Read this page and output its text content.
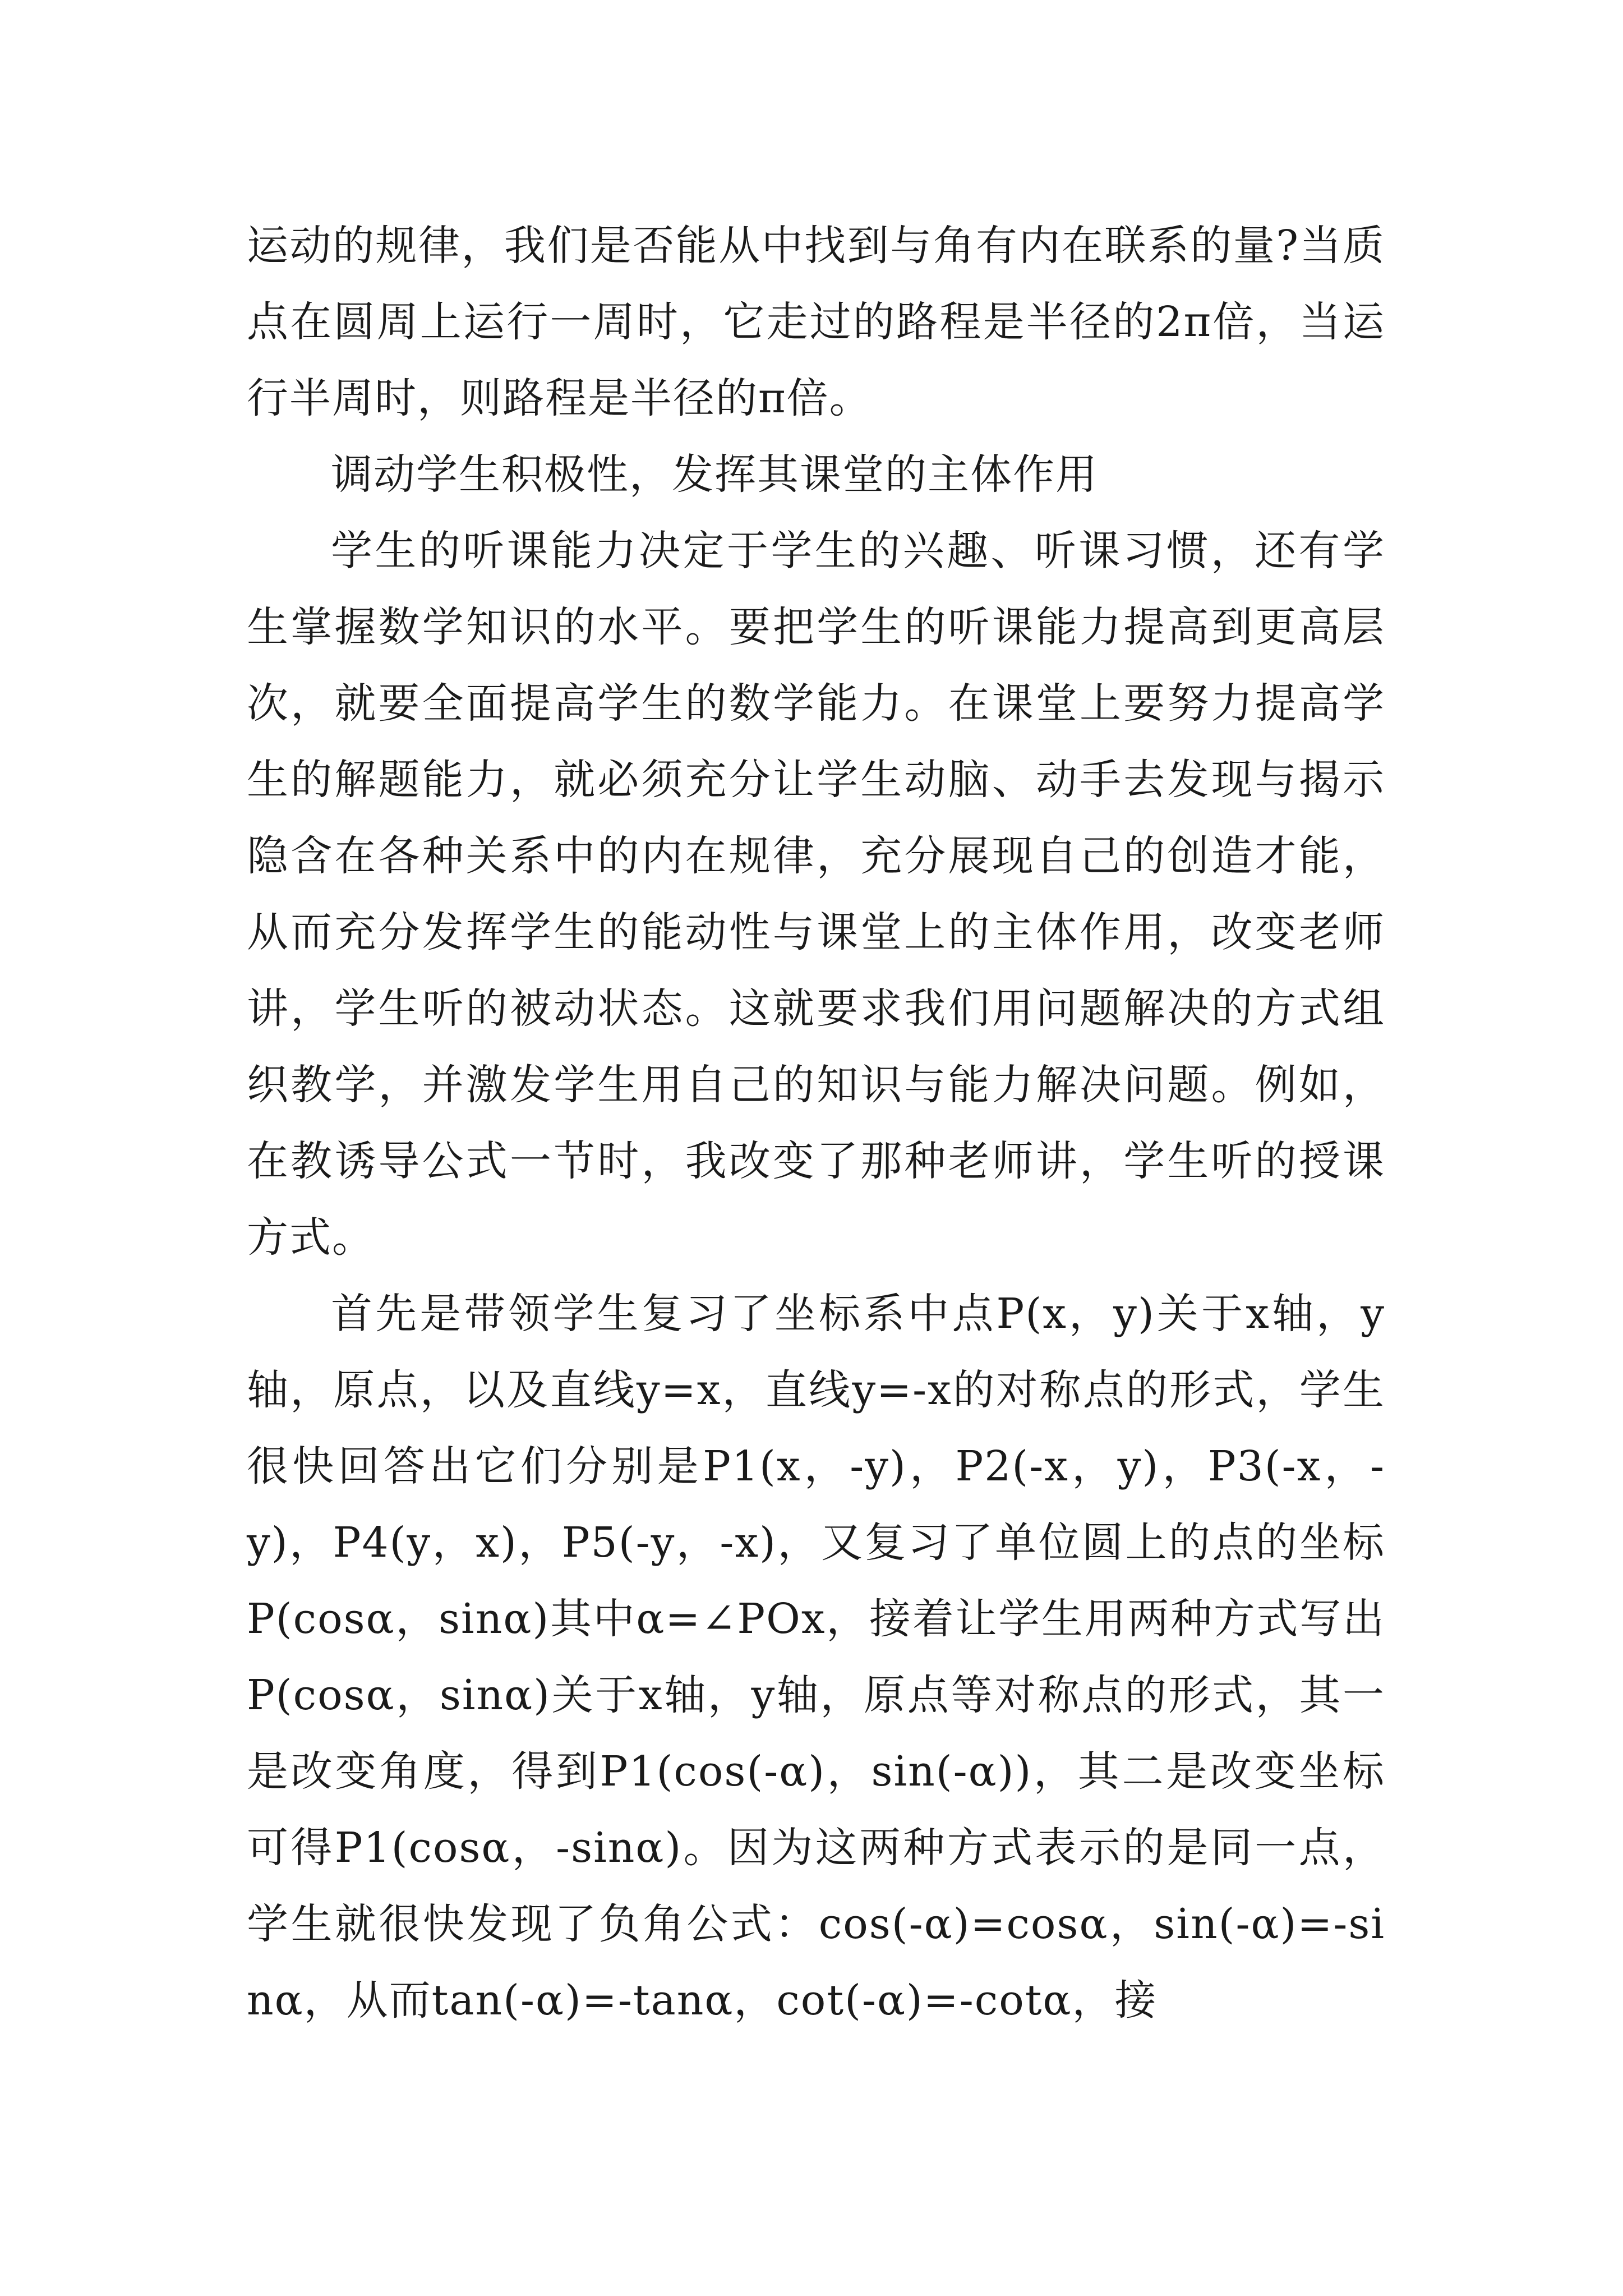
运动的规律，我们是否能从中找到与角有内在联系的量?当质点在圆周上运行一周时，它走过的路程是半径的2π倍，当运行半周时，则路程是半径的π倍。

调动学生积极性，发挥其课堂的主体作用

学生的听课能力决定于学生的兴趣、听课习惯，还有学生掌握数学知识的水平。要把学生的听课能力提高到更高层次，就要全面提高学生的数学能力。在课堂上要努力提高学生的解题能力，就必须充分让学生动脑、动手去发现与揭示隐含在各种关系中的内在规律，充分展现自己的创造才能，从而充分发挥学生的能动性与课堂上的主体作用，改变老师讲，学生听的被动状态。这就要求我们用问题解决的方式组织教学，并激发学生用自己的知识与能力解决问题。例如，在教诱导公式一节时，我改变了那种老师讲，学生听的授课方式。

首先是带领学生复习了坐标系中点P(x，y)关于x轴，y轴，原点，以及直线y=x，直线y=-x的对称点的形式，学生很快回答出它们分别是P1(x，-y)，P2(-x，y)，P3(-x，-y)，P4(y，x)，P5(-y，-x)，又复习了单位圆上的点的坐标P(cosα，sinα)其中α=∠POx，接着让学生用两种方式写出P(cosα，sinα)关于x轴，y轴，原点等对称点的形式，其一是改变角度，得到P1(cos(-α)，sin(-α))，其二是改变坐标可得P1(cosα，-sinα)。因为这两种方式表示的是同一点，学生就很快发现了负角公式：cos(-α)=cosα，sin(-α)=-sinα，从而tan(-α)=-tanα，cot(-α)=-cotα，接
